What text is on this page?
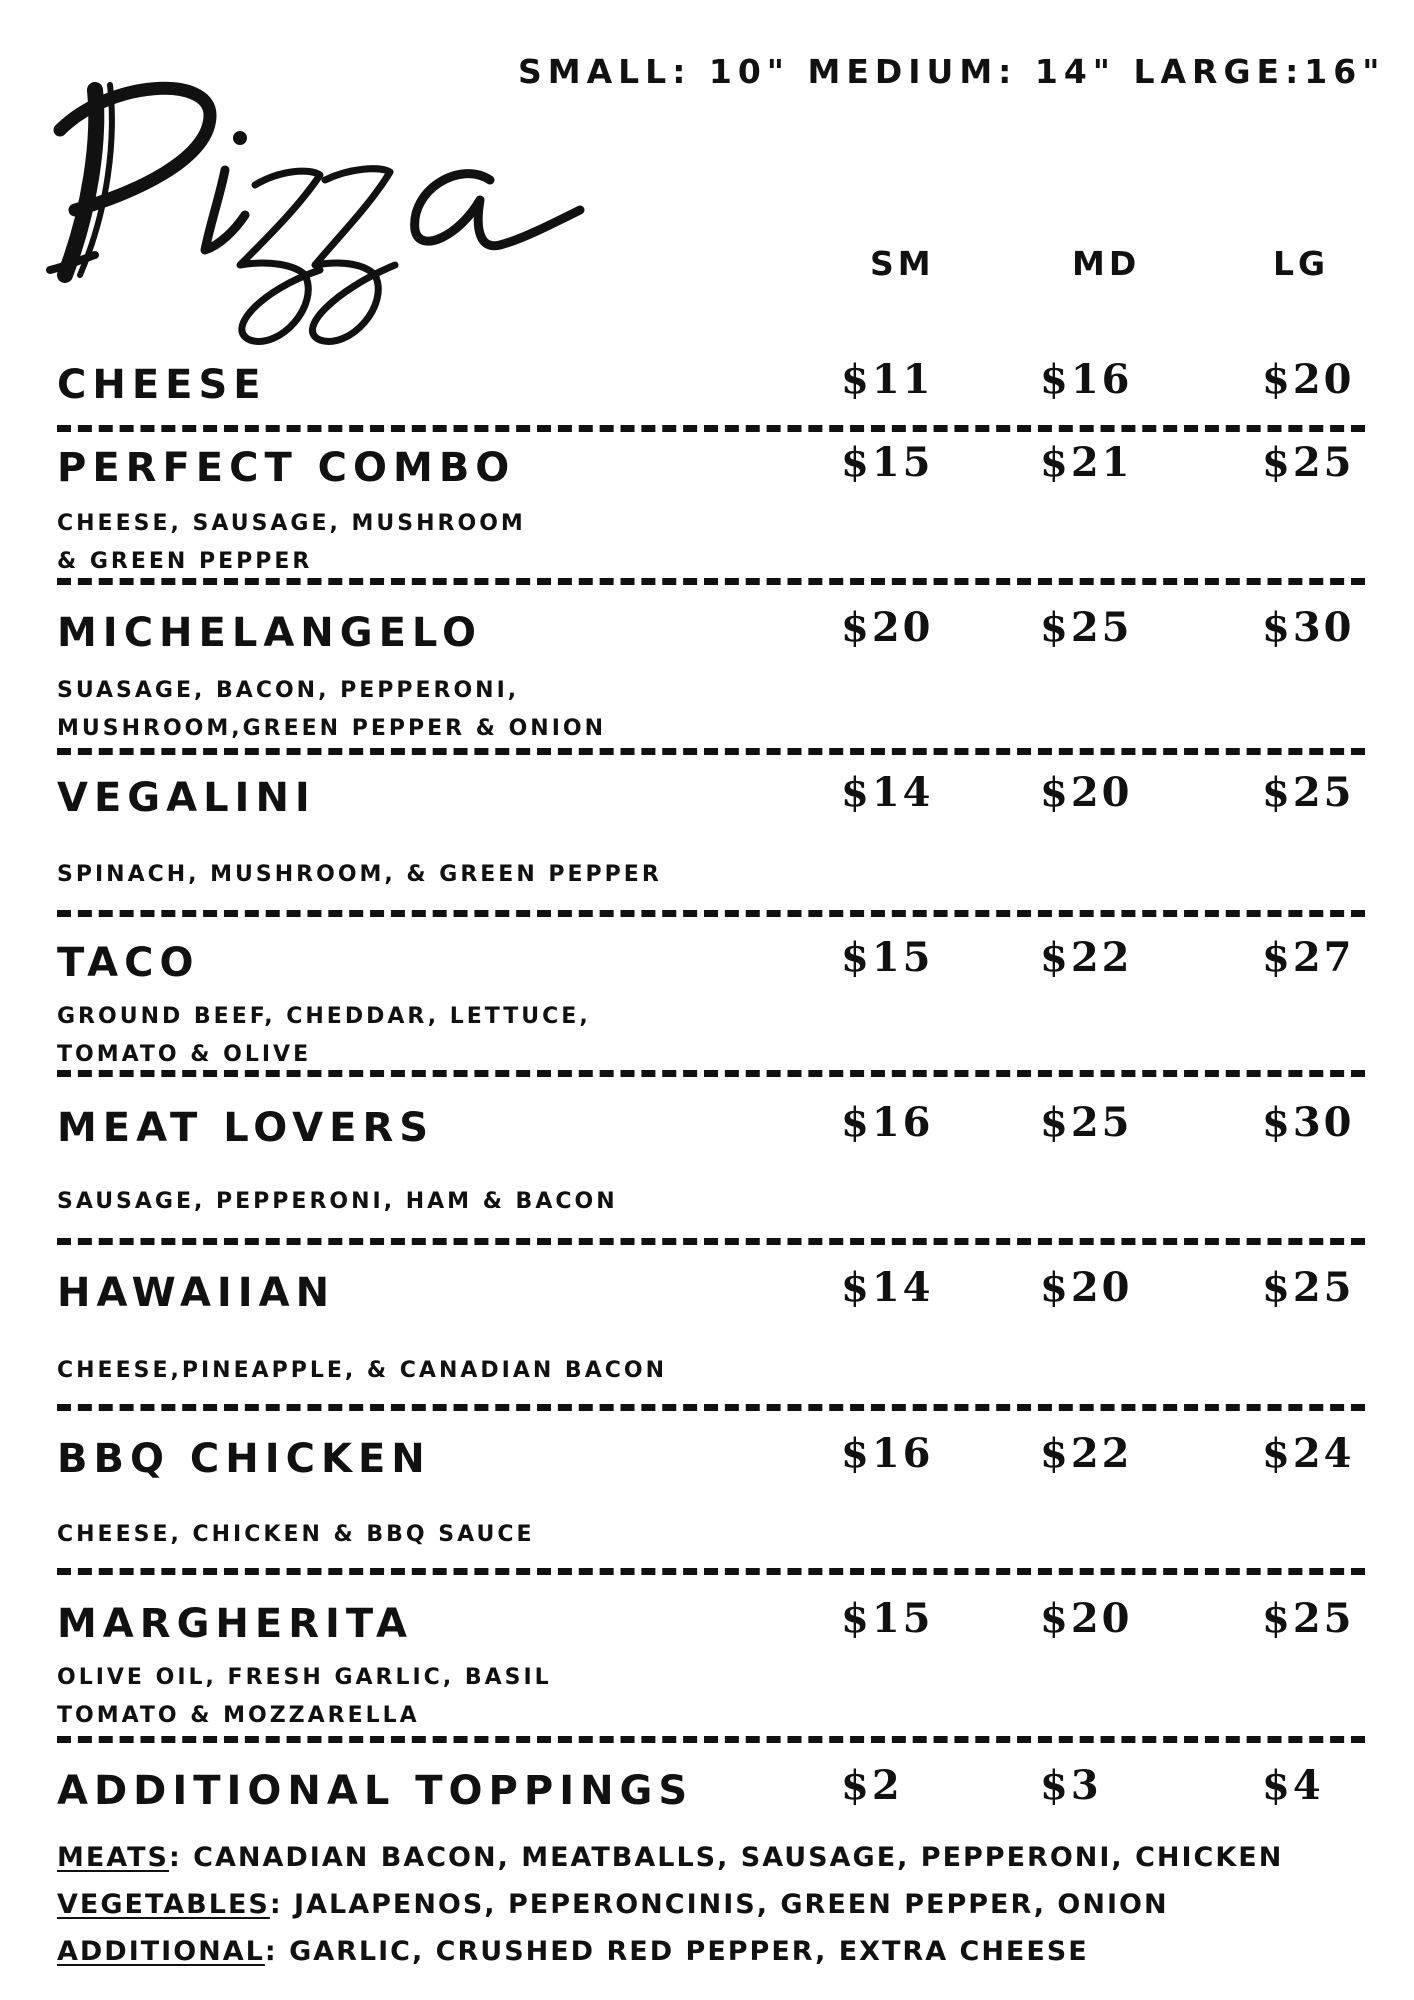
SMALL: 10" MEDIUM: 14" LARGE:16"
SM	MD	LG
CHEESE	$11	$16	$20
PERFECT COMBO
CHEESE, SAUSAGE, MUSHROOM
& GREEN PEPPER
$15	$21	$25
MICHELANGELO
SUASAGE, BACON, PEPPERONI,
MUSHROOM,GREEN PEPPER & ONION
$20	$25	$30
VEGALINI
SPINACH, MUSHROOM, & GREEN PEPPER
$14	$20	$25
TACO
GROUND BEEF, CHEDDAR, LETTUCE,
TOMATO & OLIVE
$15	$22	$27
MEAT LOVERS
SAUSAGE, PEPPERONI, HAM & BACON
$16	$25	$30
HAWAIIAN
CHEESE,PINEAPPLE, & CANADIAN BACON
$14	$20	$25
BBQ CHICKEN
CHEESE, CHICKEN & BBQ SAUCE
$16	$22	$24
MARGHERITA
OLIVE OIL, FRESH GARLIC, BASIL
TOMATO & MOZZARELLA
$15	$20	$25
ADDITIONAL TOPPINGS	$2	$3	$4
MEATS: CANADIAN BACON, MEATBALLS, SAUSAGE, PEPPERONI, CHICKEN
VEGETABLES: JALAPENOS, PEPERONCINIS, GREEN PEPPER, ONION
ADDITIONAL: GARLIC, CRUSHED RED PEPPER, EXTRA CHEESE
